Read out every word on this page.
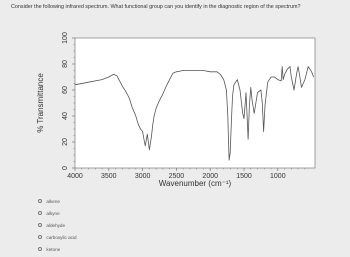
Consider the following infrared spectrum. What functional group can you identify in the diagnostic region of the spectrum?
0
20
40
60
80
100
4000	3500	3000	2500	2000	1500	1000
% Transmittance
Wavenumber (cm⁻¹)
alkene
alkyne
aldehyde
carboxylic acid
ketone
